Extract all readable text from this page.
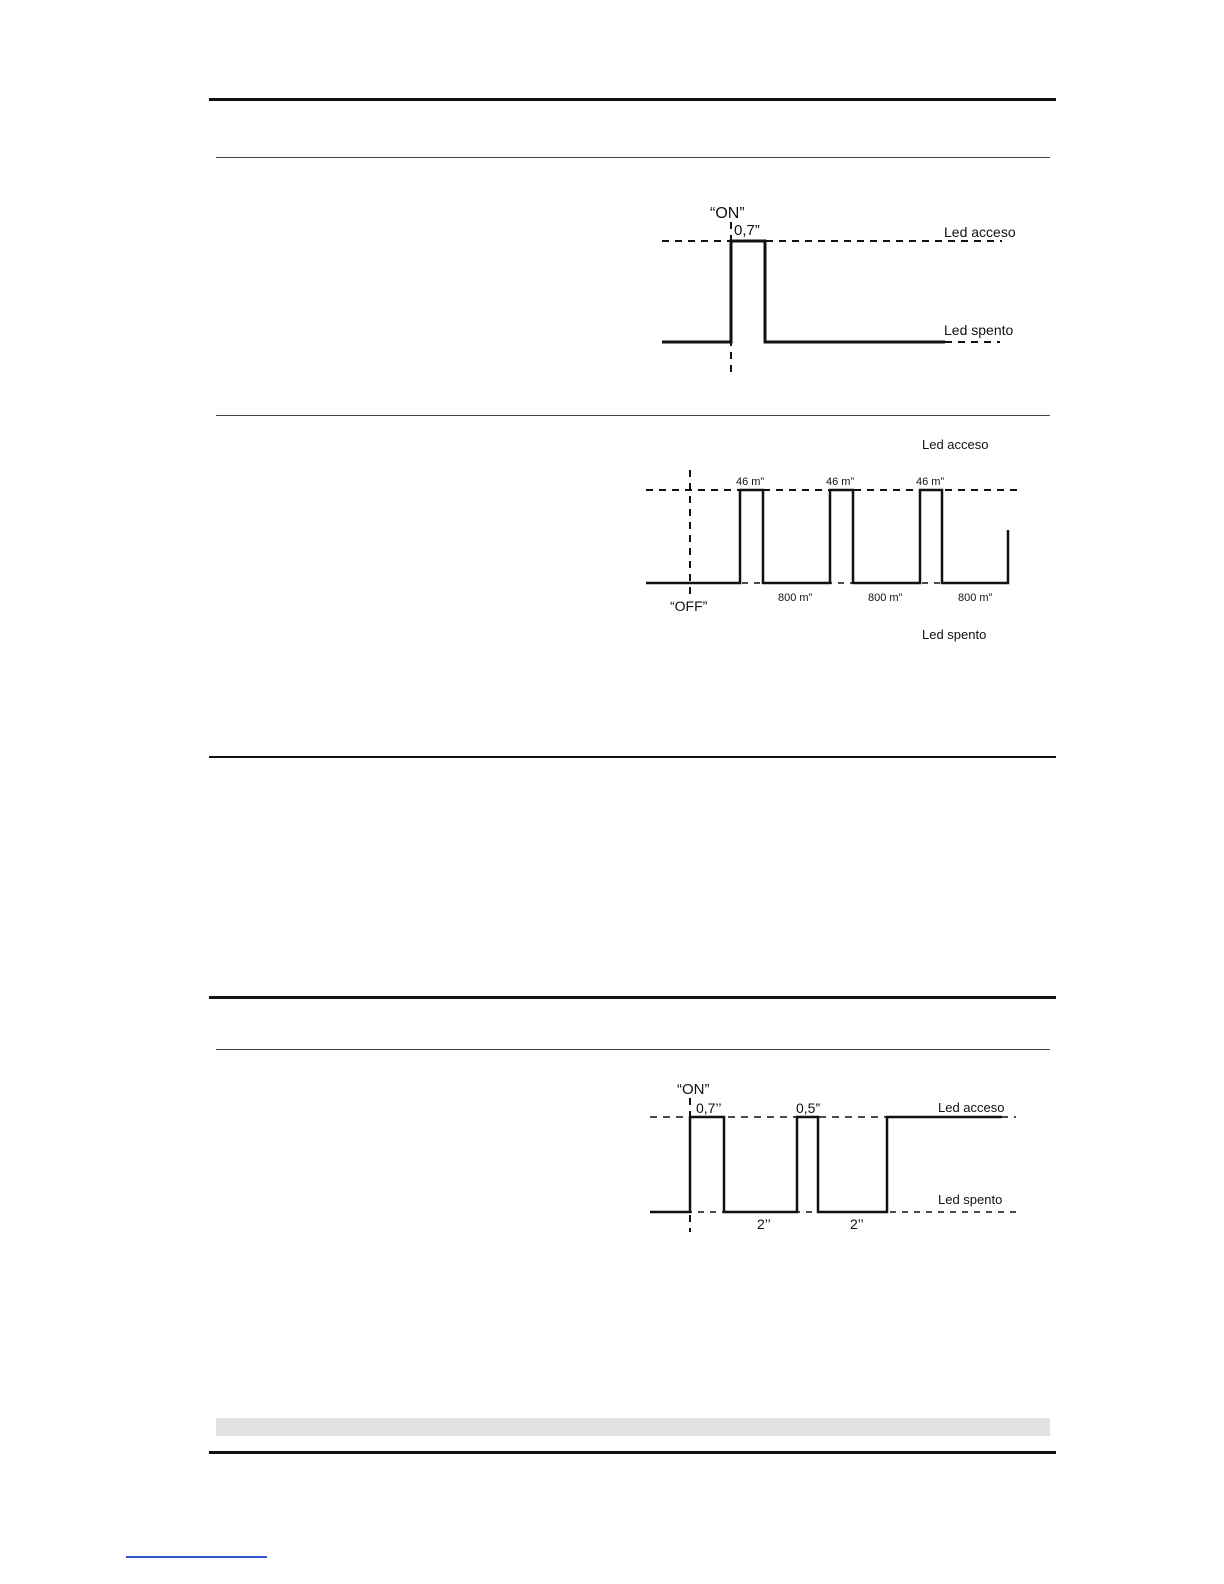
“ON”
0,7”	Led acceso
Led spento
Led acceso
Led spento
“OFF”
46 m”	46 m”	46 m”
800 m”	800 m”	800 m”
“ON”
0,7’’	0,5”	Led acceso
Led spento
2’’	2’’
